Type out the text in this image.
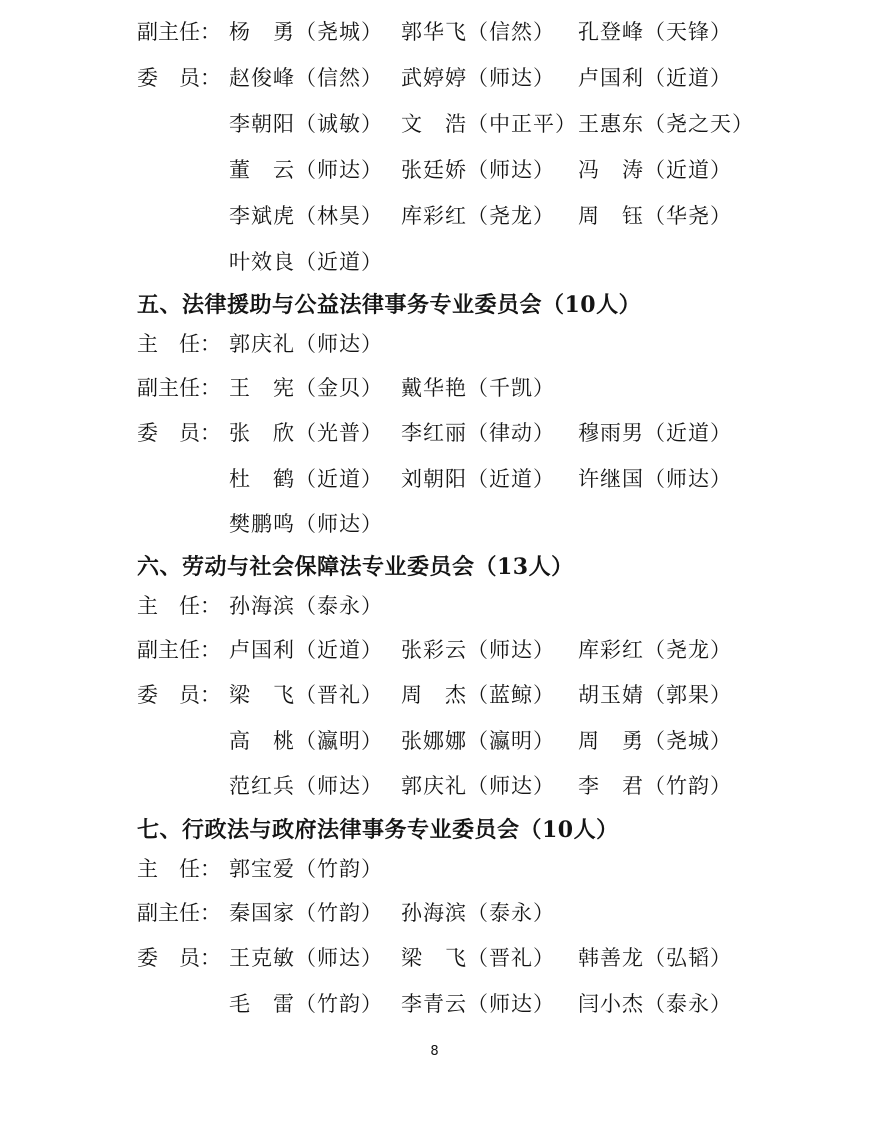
副主任： 杨　勇（尧城） 郭华飞（信然） 孔登峰（天锋）
委　员： 赵俊峰（信然） 武婷婷（师达） 卢国利（近道）
李朝阳（诚敏） 文　浩（中正平） 王惠东（尧之天）
董　云（师达） 张廷娇（师达） 冯　涛（近道）
李斌虎（林昊） 库彩红（尧龙） 周　钰（华尧）
叶效良（近道）
五、法律援助与公益法律事务专业委员会（10人）
主　任： 郭庆礼（师达）
副主任： 王　宪（金贝） 戴华艳（千凯）
委　员： 张　欣（光普） 李红丽（律动） 穆雨男（近道）
杜　鹤（近道） 刘朝阳（近道） 许继国（师达）
樊鹏鸣（师达）
六、劳动与社会保障法专业委员会（13人）
主　任： 孙海滨（泰永）
副主任： 卢国利（近道） 张彩云（师达） 库彩红（尧龙）
委　员： 梁　飞（晋礼） 周　杰（蓝鲸） 胡玉婧（郭果）
高　桃（瀛明） 张娜娜（瀛明） 周　勇（尧城）
范红兵（师达） 郭庆礼（师达） 李　君（竹韵）
七、行政法与政府法律事务专业委员会（10人）
主　任： 郭宝爱（竹韵）
副主任： 秦国家（竹韵） 孙海滨（泰永）
委　员： 王克敏（师达） 梁　飞（晋礼） 韩善龙（弘韬）
毛　雷（竹韵） 李青云（师达） 闫小杰（泰永）
8
